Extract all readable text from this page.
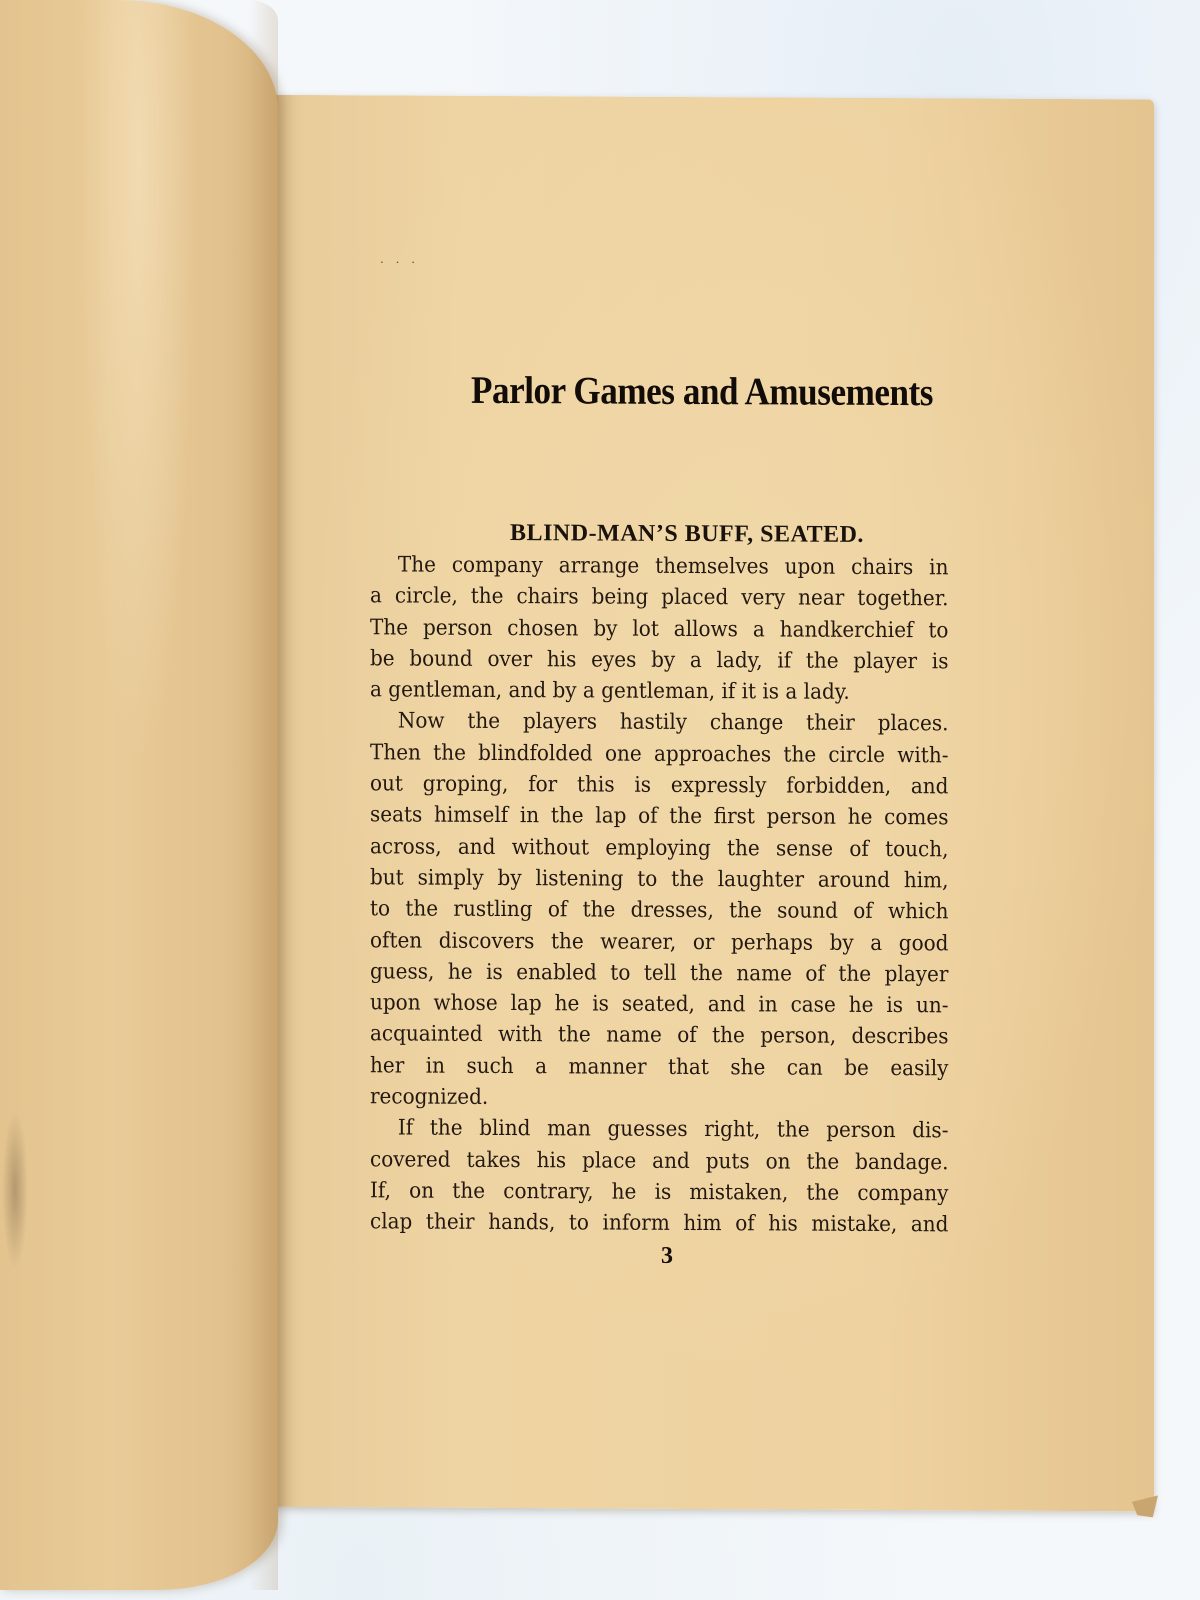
· · ·
Parlor Games and Amusements
BLIND-MAN’S BUFF, SEATED.
The company arrange themselves upon chairs in
a circle, the chairs being placed very near together.
The person chosen by lot allows a handkerchief to
be bound over his eyes by a lady, if the player is
a gentleman, and by a gentleman, if it is a lady.
Now the players hastily change their places.
Then the blindfolded one approaches the circle with-
out groping, for this is expressly forbidden, and
seats himself in the lap of the first person he comes
across, and without employing the sense of touch,
but simply by listening to the laughter around him,
to the rustling of the dresses, the sound of which
often discovers the wearer, or perhaps by a good
guess, he is enabled to tell the name of the player
upon whose lap he is seated, and in case he is un-
acquainted with the name of the person, describes
her in such a manner that she can be easily
recognized.
If the blind man guesses right, the person dis-
covered takes his place and puts on the bandage.
If, on the contrary, he is mistaken, the company
clap their hands, to inform him of his mistake, and
3
